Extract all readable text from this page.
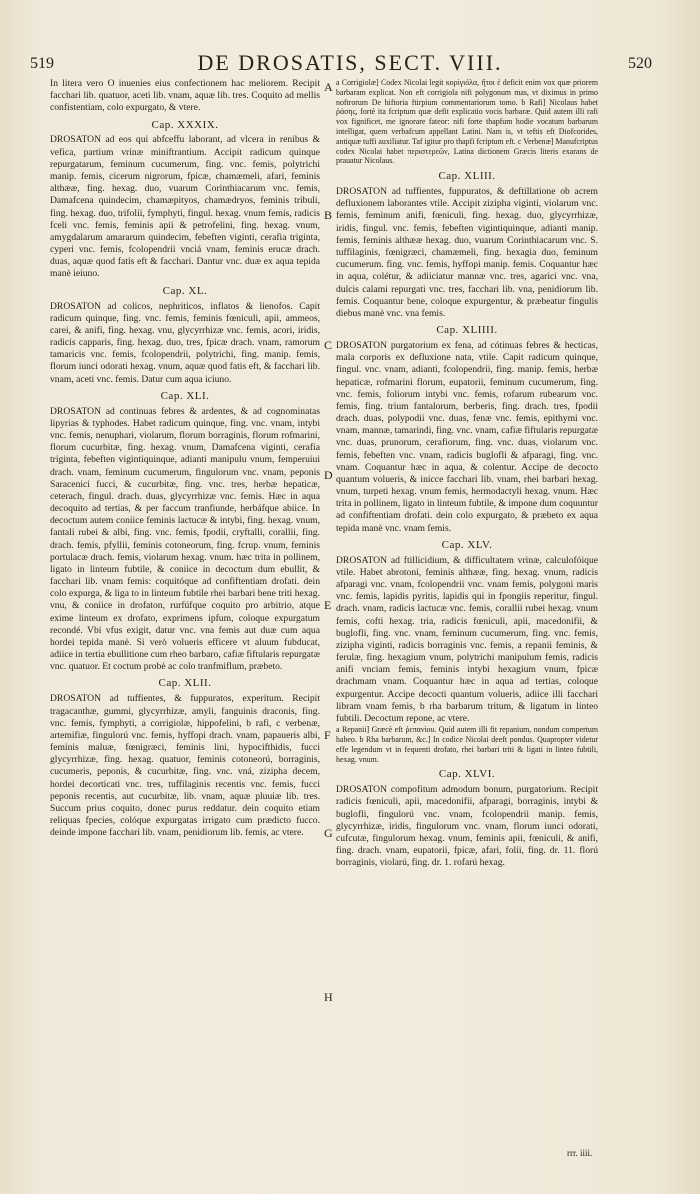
519	DE DROSATIS, SECT. VIII.	520
In litera vero O inuenies eius confectionem hac meliorem. Recipit facchari lib. quatuor, aceti lib. vnam, aquæ lib. tres. Coquito ad mellis confistentiam, colo expurgato, & vtere.
Cap. XXXIX.
DROSATON ad eos qui abfceffu laborant, ad vlcera in renibus & vefica, partium vrinæ miniftrantium. Accipit radicum quinque repurgatarum, feminum cucumerum, fing. vnc. femis, polytrichi manip. femis, cicerum nigrorum, fpicæ, chamæmeli, afari, feminis althææ, fing. hexag. duo, vuarum Corinthiacarum vnc. femis, Damafcena quindecim, chamæpityos, chamædryos, feminis tribuli, fing. hexag. duo, trifolii, fymphyti, fingul. hexag. vnum femis, radicis fceli vnc. femis, feminis apii & petrofelini, fing. hexag. vnum, amygdalarum amararum quindecim, febeften viginti, cerafia triginta, cyperi vnc. femis, fcolopendrii vnciá vnam, feminis erucæ drach. duas, aquæ quod fatis eft & facchari. Dantur vnc. duæ ex aqua tepida manè ieiuno.
Cap. XL.
DROSATON ad colicos, nephriticos, inflatos & lienofos. Capit radicum quinque, fing. vnc. femis, feminis fœniculi, apii, ammeos, carei, & anifi, fing. hexag. vnu, glycyrrhizæ vnc. femis, acori, iridis, radicis capparis, fing. hexag. duo, tres, fpicæ drach. vnam, ramorum tamaricis vnc. femis, fcolopendrii, polytrichi, fing. manip. femis, florum iunci odorati hexag. vnum, aquæ quod fatis eft, & facchari lib. vnam, aceti vnc. femis. Datur cum aqua iciuno.
Cap. XLI.
DROSATON ad continuas febres & ardentes, & ad cognominatas lipyrias & typhodes. Habet radicum quinque, fing. vnc. vnam, intybi vnc. femis, nenuphari, violarum, florum borraginis, florum rofmarini, florum cucurbitæ, fing. hexag. vnum, Damafcena viginti, cerafia triginta, febeften vigintiquinque, adianti manipulu vnum, femperuiui drach. vnam, feminum cucumerum, fingulorum vnc. vnam, peponis Saracenici fucci, & cucurbitæ, fing. vnc. tres, herbæ hepaticæ, ceterach, fingul. drach. duas, glycyrrhizæ vnc. femis. Hæc in aqua decoquito ad tertias, & per faccum tranfiunde, herbáfque abiice. In decoctum autem coniice feminis lactucæ & intybi, fing. hexag. vnum, fantali rubei & albi, fing. vnc. femis, fpodii, cryftalli, corallii, fing. drach. femis, pfyllii, feminis cotoneorum, fing. fcrup. vnum, feminis portulacæ drach. femis, violarum hexag. vnum. hæc trita in pollinem, ligato in linteum fubtile, & coniice in decoctum dum ebullit, & facchari lib. vnam femis: coquitóque ad confiftentiam drofati. dein colo expurga, & liga to in linteum fubtile rhei barbari bene triti hexag. vnu, & coniice in drofaton, rurfúfque coquito pro arbitrio, atque exime linteum ex drofato, exprimens ipfum, coloque expurgatum recondé. Vbi vfus exigit, datur vnc. vna femis aut duæ cum aqua hordei tepida manè. Si verò volueris efficere vt aluum fubducat, adiice in tertia ebullitione cum rheo barbaro, cafiæ fiftularis repurgatæ vnc. quatuor. Et coctum probè ac colo tranfmiflum, præbeto.
Cap. XLII.
DROSATON ad tuffientes, & fuppuratos, experitum. Recipit tragacanthæ, gummi, glycyrrhizæ, amyli, fanguinis draconis, fing. vnc. femis, fymphyti, a corrigiolæ, hippofelini, b rafi, c verbenæ, artemifiæ, fingulorú vnc. femis, hyffopi drach. vnam, papaueris albi, feminis maluæ, fœnigræci, feminis lini, hypocifthidis, fucci glycyrrhizæ, fing. hexag. quatuor, feminis cotoneorú, borraginis, cucumeris, peponis, & cucurbitæ, fing. vnc. vná, zizipha decem, hordei decorticati vnc. tres, tuffilaginis recentis vnc. femis, fucci peponis recentis, aut cucurbitæ, lib. vnam, aquæ pluuiæ lib. tres. Succum prius coquito, donec purus reddatur. dein coquito etiam reliquas fpecies, colóque expurgatas irrigato cum prædicto fucco. deinde impone facchari lib. vnam, penidiorum lib. femis, ac vtere.
a Corrigiolæ] Codex Nicolai legit κορὶγιόλα, ἤτοι ἐ deficit enim vox quæ priorem barbaram explicat. Non eft corrigiola nifi polygonum mas, vt diximus in primo noftrorum De hiftoria ftirpium commentariorum tomo. b Rafi] Nicolaus habet ῥάσης, fortè ita fcriptum quæ defit explicatio vocis barbaræ. Quid autem illi rafi vox fignificet, me ignorare fateor: nifi forte thapfum hodie vocatum barbarum intelligat, quem verbafcum appellant Latini. Nam is, vt teftis eft Diofcorides, antiquæ tuffi auxiliatur. Taf igitur pro thapfi fcriptum eft. c Verbenæ] Manufcriptus codex Nicolai habet περιστερεῶν, Latina dictionem Græcis literis exarans de prauatur Nicolaus.
Cap. XLIII.
DROSATON ad tuffientes, fuppuratos, & deftillatione ob acrem defluxionem laborantes vtile. Accipit zizipha viginti, violarum vnc. femis, feminum anifi, fœniculi, fing. hexag. duo, glycyrrhizæ, iridis, fingul. vnc. femis, febeften vigintiquinque, adianti manip. femis, feminis althææ hexag. duo, vuarum Corinthiacarum vnc. S. tuffilaginis, fœnigræci, chamæmeli, fing. hexagia duo, feminum cucumerum. fing. vnc. femis, hyffopi manip. femis. Coquantur hæc in aqua, colétur, & adiiciatur mannæ vnc. tres, agarici vnc. vna, dulcis calami repurgati vnc. tres, facchari lib. vna, penidiorum lib. femis. Coquantur bene, coloque expurgentur, & præbeatur fingulis diebus manè vnc. vna femis.
Cap. XLIIII.
DROSATON purgatorium ex fena, ad cótinuas febres & hecticas, mala corporis ex defluxione nata, vtile. Capit radicum quinque, fingul. vnc. vnam, adianti, fcolopendrii, fing. manip. femis, herbæ hepaticæ, rofmarini florum, eupatorii, feminum cucumerum, fing. vnc. femis, foliorum intybi vnc. femis, rofarum rubearum vnc. femis, fing. trium fantalorum, berberis, fing. drach. tres, fpodii drach. duas, polypodii vnc. duas, fenæ vnc. femis, epithymi vnc. vnam, mannæ, tamarindi, fing. vnc. vnam, cafiæ fiftularis repurgatæ vnc. duas, prunorum, cerafiorum, fing. vnc. duas, violarum vnc. femis, febeften vnc. vnam, radicis buglofli & afparagi, fing. vnc. vnam. Coquantur hæc in aqua, & colentur. Accipe de decocto quantum volueris, & inicce facchari lib. vnam, rhei barbari hexag. vnum, turpeti hexag. vnum femis, hermodactyli hexag. vnum. Hæc trita in pollinem, ligato in linteum fubtile, & impone dum coquuntur ad confiftentiam drofati. dein colo expurgato, & præbeto ex aqua tepida manè vnc. vnam femis.
Cap. XLV.
DROSATON ad ftillicidium, & difficultatem vrinæ, calculofóique vtile. Habet abrotoni, feminis althææ, fing. hexag. vnum, radicis afparagi vnc. vnam, fcolopendrii vnc. vnam femis, polygoni maris vnc. femis, lapidis pyritis, lapidis qui in fpongiis reperitur, fingul. drach. vnam, radicis lactucæ vnc. femis, corallii rubei hexag. vnum femis, cofti hexag. tria, radicis fœniculi, apii, macedonifii, & buglofli, fing. vnc. vnam, feminum cucumerum, fing. vnc. femis, zizipha viginti, radicis borraginis vnc. femis, a repanii feminis, & ferulæ, fing. hexagium vnum, polytrichi manipulum femis, radicis anifi vnciam femis, feminis intybi hexagium vnum, fpicæ drachmam vnam. Coquantur hæc in aqua ad tertias, coloque expurgentur. Accipe decocti quantum volueris, adiice illi facchari libram vnam femis, b rha barbarum tritum, & ligatum in linteo fubtili. Decoctum repone, ac vtere.
a Repanii] Græcè eft ῥεπανίου. Quid autem illi fit repanium, nondum compertum habeo. b Rha barbarum, &c.] In codice Nicolai deeft pondus. Quapropter videtur effe legendum vt in fequenti drofato, rhei barbari triti & ligati in linteo fubtili, hexag. vnum.
Cap. XLVI.
DROSATON compofitum admodum bonum, purgatorium. Recipit radicis fœniculi, apii, macedonifii, afparagi, borraginis, intybi & buglofli, fingulorú vnc. vnam, fcolopendrii manip. femis, glycyrrhizæ, iridis, fingulorum vnc. vnam, florum iunci odorati, cufcutæ, fingulorum hexag. vnum, feminis apii, fœniculi, & anifi, fing. drach. vnam, eupatorii, fpicæ, afari, folii, fing. dr. 11. florú borraginis, violarú, fing. dr. 1. rofarú hexag.
A
B
C
D
E
F
G
H
rrr. iiii.
